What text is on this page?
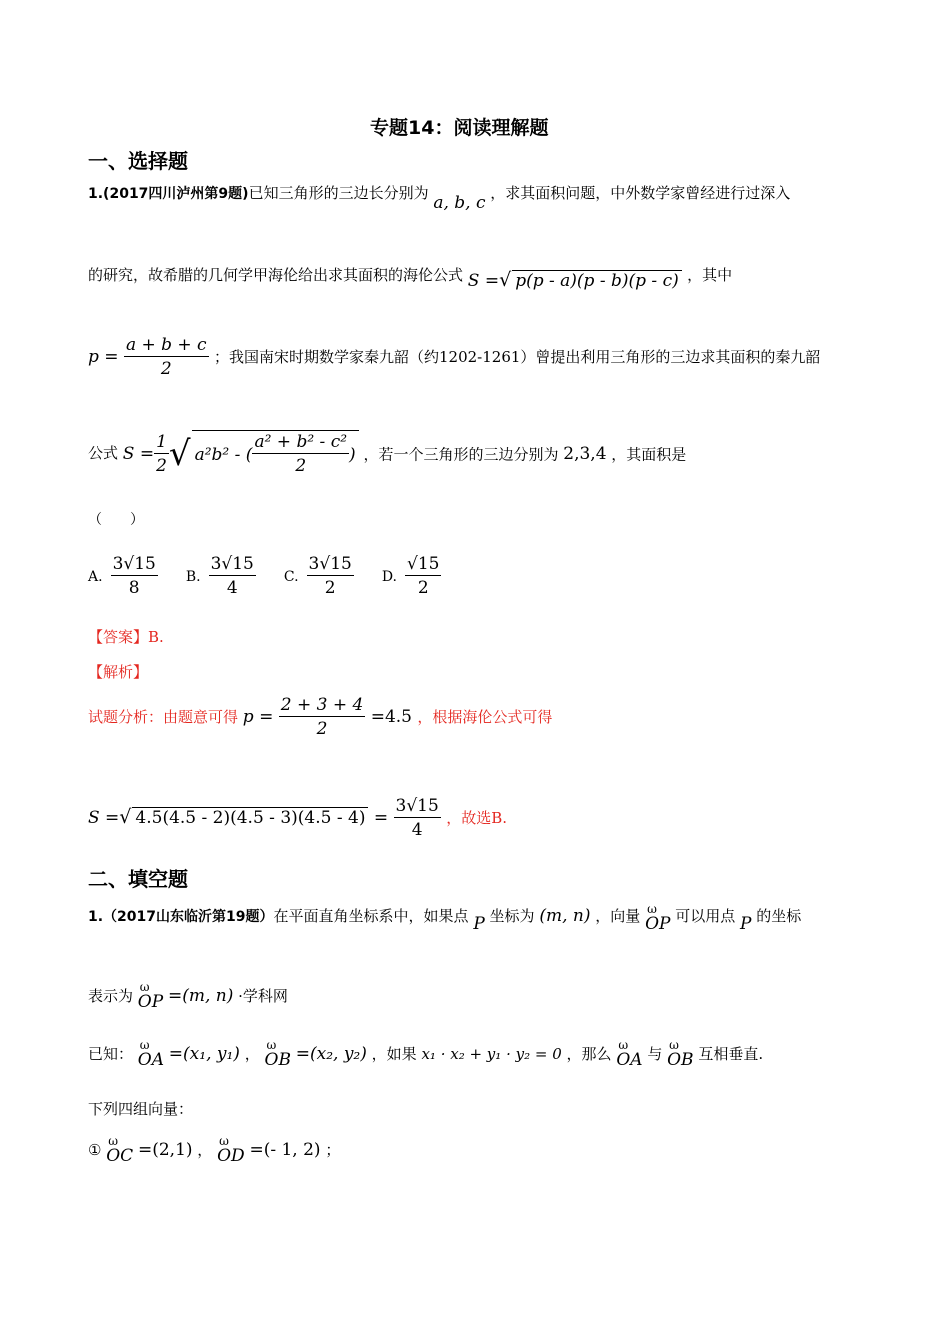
专题14：阅读理解题
一、选择题
1.(2017四川泸州第9题)已知三角形的三边长分别为 a, b, c ，求其面积问题，中外数学家曾经进行过深入
的研究，故希腊的几何学甲海伦给出求其面积的海伦公式 S =√ p(p - a)(p - b)(p - c) ，其中
$p = \frac{a + b + c}{2}$ ；我国南宋时期数学家秦九韶（约1202-1261）曾提出利用三角形的三边求其面积的秦九韶
公式 $S = \frac{1}{2}$ √ a²b² - ( $\frac{\text{a² + b² - c²}}{2}$ ) ，若一个三角形的三边分别为 2,3,4 ，其面积是
（　　）
A. $\frac{3√15}{8} B$. $\frac{3√15}{4} C$. $\frac{3√15}{2} D$. $\frac{√15}{2}$
【答案】B.
【解析】
试题分析：由题意可得 $p = \frac{2 + 3 + 4}{2} =4.5$ ，根据海伦公式可得
S =√ $4.5(4.5 - 2)(4.5 - 3)(4.5 - 4) = \frac{3√15}{4}$ ，故选B.
二、填空题
1.（2017山东临沂第19题）在平面直角坐标系中，如果点 P 坐标为 (m, n) ，向量 ω OP 可以用点 P 的坐标
表示为 ω OP =(m, n) ·学科网
已知： ω OA =(x₁, y₁) ， ω OB =(x₂, y₂) ，如果 x₁ · x₂ + y₁ · y₂ = 0 ，那么 ω OA 与 ω OB 互相垂直.
下列四组向量：
① ω OC =(2,1) ， ω OD =(- 1, 2) ；
